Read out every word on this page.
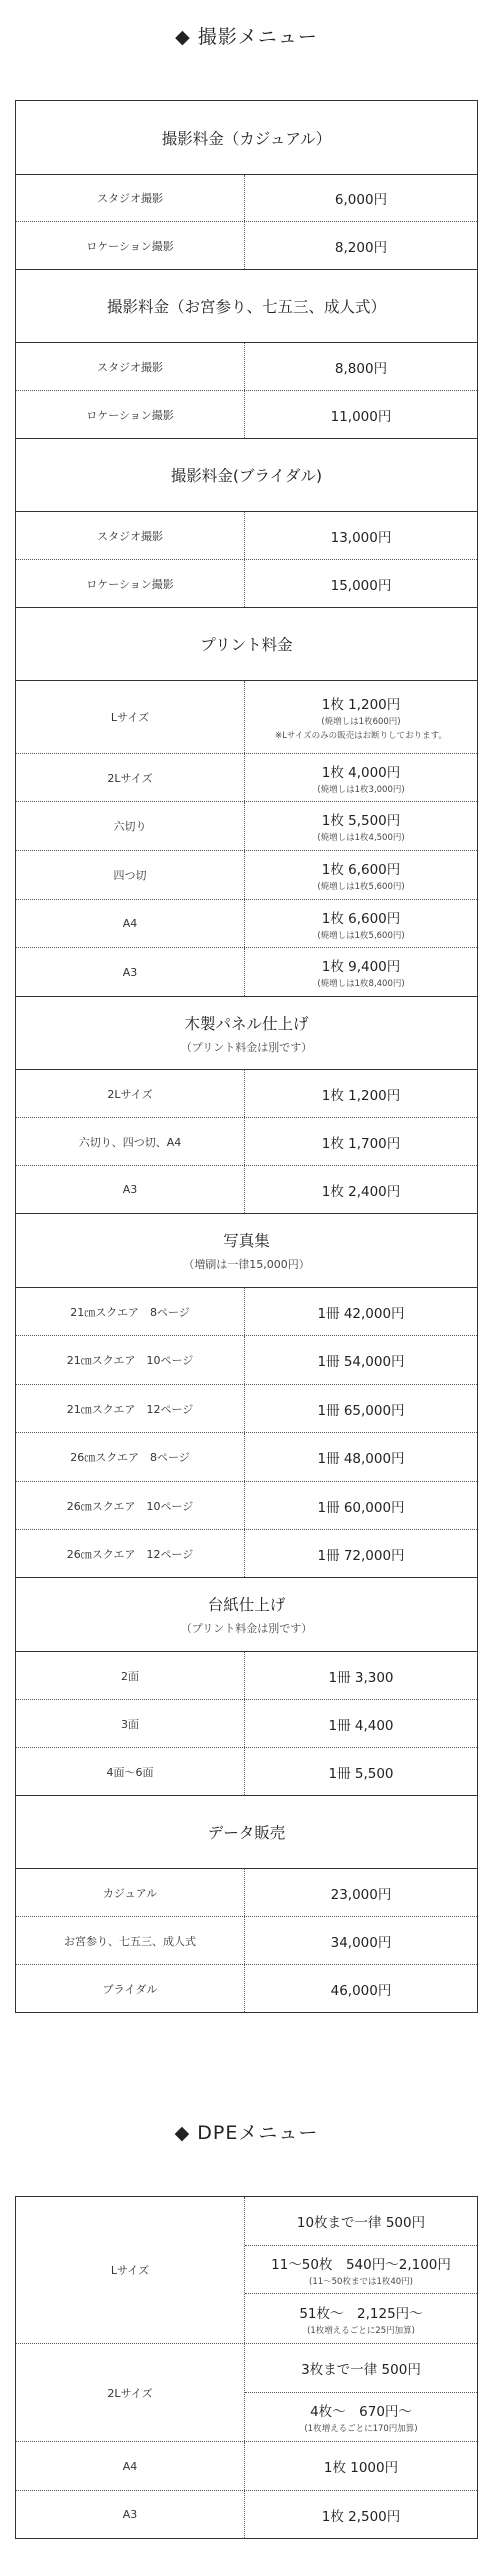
◆ 撮影メニュー
撮影料金（カジュアル）
スタジオ撮影	6,000円
ロケーション撮影	8,200円
撮影料金（お宮参り、七五三、成人式）
スタジオ撮影	8,800円
ロケーション撮影	11,000円
撮影料金(ブライダル)
スタジオ撮影	13,000円
ロケーション撮影	15,000円
プリント料金
Lサイズ
1枚 1,200円
(焼増しは1枚600円)
※Lサイズのみの販売はお断りしております。
2Lサイズ	1枚 4,000円
(焼増しは1枚3,000円)
六切り	1枚 5,500円
(焼増しは1枚4,500円)
四つ切	1枚 6,600円
(焼増しは1枚5,600円)
A4	1枚 6,600円
(焼増しは1枚5,600円)
A3	1枚 9,400円
(焼増しは1枚8,400円)
木製パネル仕上げ
（プリント料金は別です）
2Lサイズ	1枚 1,200円
六切り、四つ切、A4	1枚 1,700円
A3	1枚 2,400円
写真集
（増刷は一律15,000円）
21㎝スクエア　8ページ	1冊 42,000円
21㎝スクエア　10ページ	1冊 54,000円
21㎝スクエア　12ページ	1冊 65,000円
26㎝スクエア　8ページ	1冊 48,000円
26㎝スクエア　10ページ	1冊 60,000円
26㎝スクエア　12ページ	1冊 72,000円
台紙仕上げ
（プリント料金は別です）
2面	1冊 3,300
3面	1冊 4,400
4面～6面	1冊 5,500
データ販売
カジュアル	23,000円
お宮参り、七五三、成人式	34,000円
ブライダル	46,000円
◆ DPEメニュー
Lサイズ
10枚まで一律 500円
11～50枚　540円～2,100円
(11～50枚までは1枚40円)
51枚～　2,125円～
(1枚増えるごとに25円加算)
2Lサイズ
3枚まで一律 500円
4枚～　670円～
(1枚増えるごとに170円加算)
A4	1枚 1000円
A3	1枚 2,500円
